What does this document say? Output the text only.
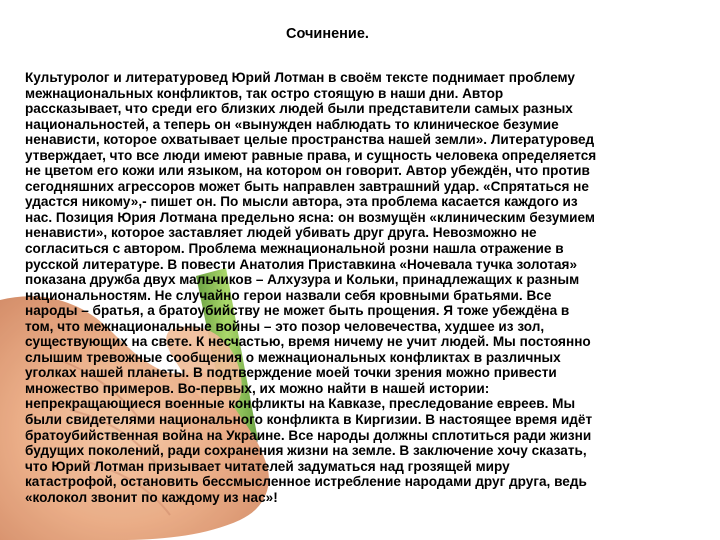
Сочинение.
Культуролог и литературовед Юрий Лотман в своём тексте поднимает проблему
межнациональных конфликтов, так остро стоящую в наши дни. Автор
рассказывает, что среди его близких людей были представители самых разных
национальностей, а теперь он «вынужден наблюдать то клиническое безумие
ненависти, которое охватывает целые пространства нашей земли». Литературовед
утверждает, что все люди имеют равные права, и сущность человека определяется
не цветом его кожи или языком, на котором он говорит. Автор убеждён, что против
сегодняшних агрессоров может быть направлен завтрашний удар. «Спрятаться не
удастся никому»,- пишет он. По мысли автора, эта проблема касается каждого из
нас. Позиция Юрия Лотмана предельно ясна: он возмущён «клиническим безумием
ненависти», которое заставляет людей убивать друг друга. Невозможно не
согласиться с автором. Проблема межнациональной розни нашла отражение в
русской литературе. В повести Анатолия Приставкина «Ночевала тучка золотая»
показана дружба двух мальчиков – Алхузура и Кольки, принадлежащих к разным
национальностям. Не случайно герои назвали себя кровными братьями. Все
народы – братья, а братоубийству не может быть прощения. Я тоже убеждёна в
том, что межнациональные войны – это позор человечества, худшее из зол,
существующих на свете. К несчастью, время ничему не учит людей. Мы постоянно
слышим тревожные сообщения о межнациональных конфликтах в различных
уголках нашей планеты. В подтверждение моей точки зрения можно привести
множество примеров. Во-первых, их можно найти в нашей истории:
непрекращающиеся военные конфликты на Кавказе, преследование евреев. Мы
были свидетелями национального конфликта в Киргизии. В настоящее время идёт
братоубийственная война на Украине. Все народы должны сплотиться ради жизни
будущих поколений, ради сохранения жизни на земле. В заключение хочу сказать,
что Юрий Лотман призывает читателей задуматься над грозящей миру
катастрофой, остановить бессмысленное истребление народами друг друга, ведь
«колокол звонит по каждому из нас»!
